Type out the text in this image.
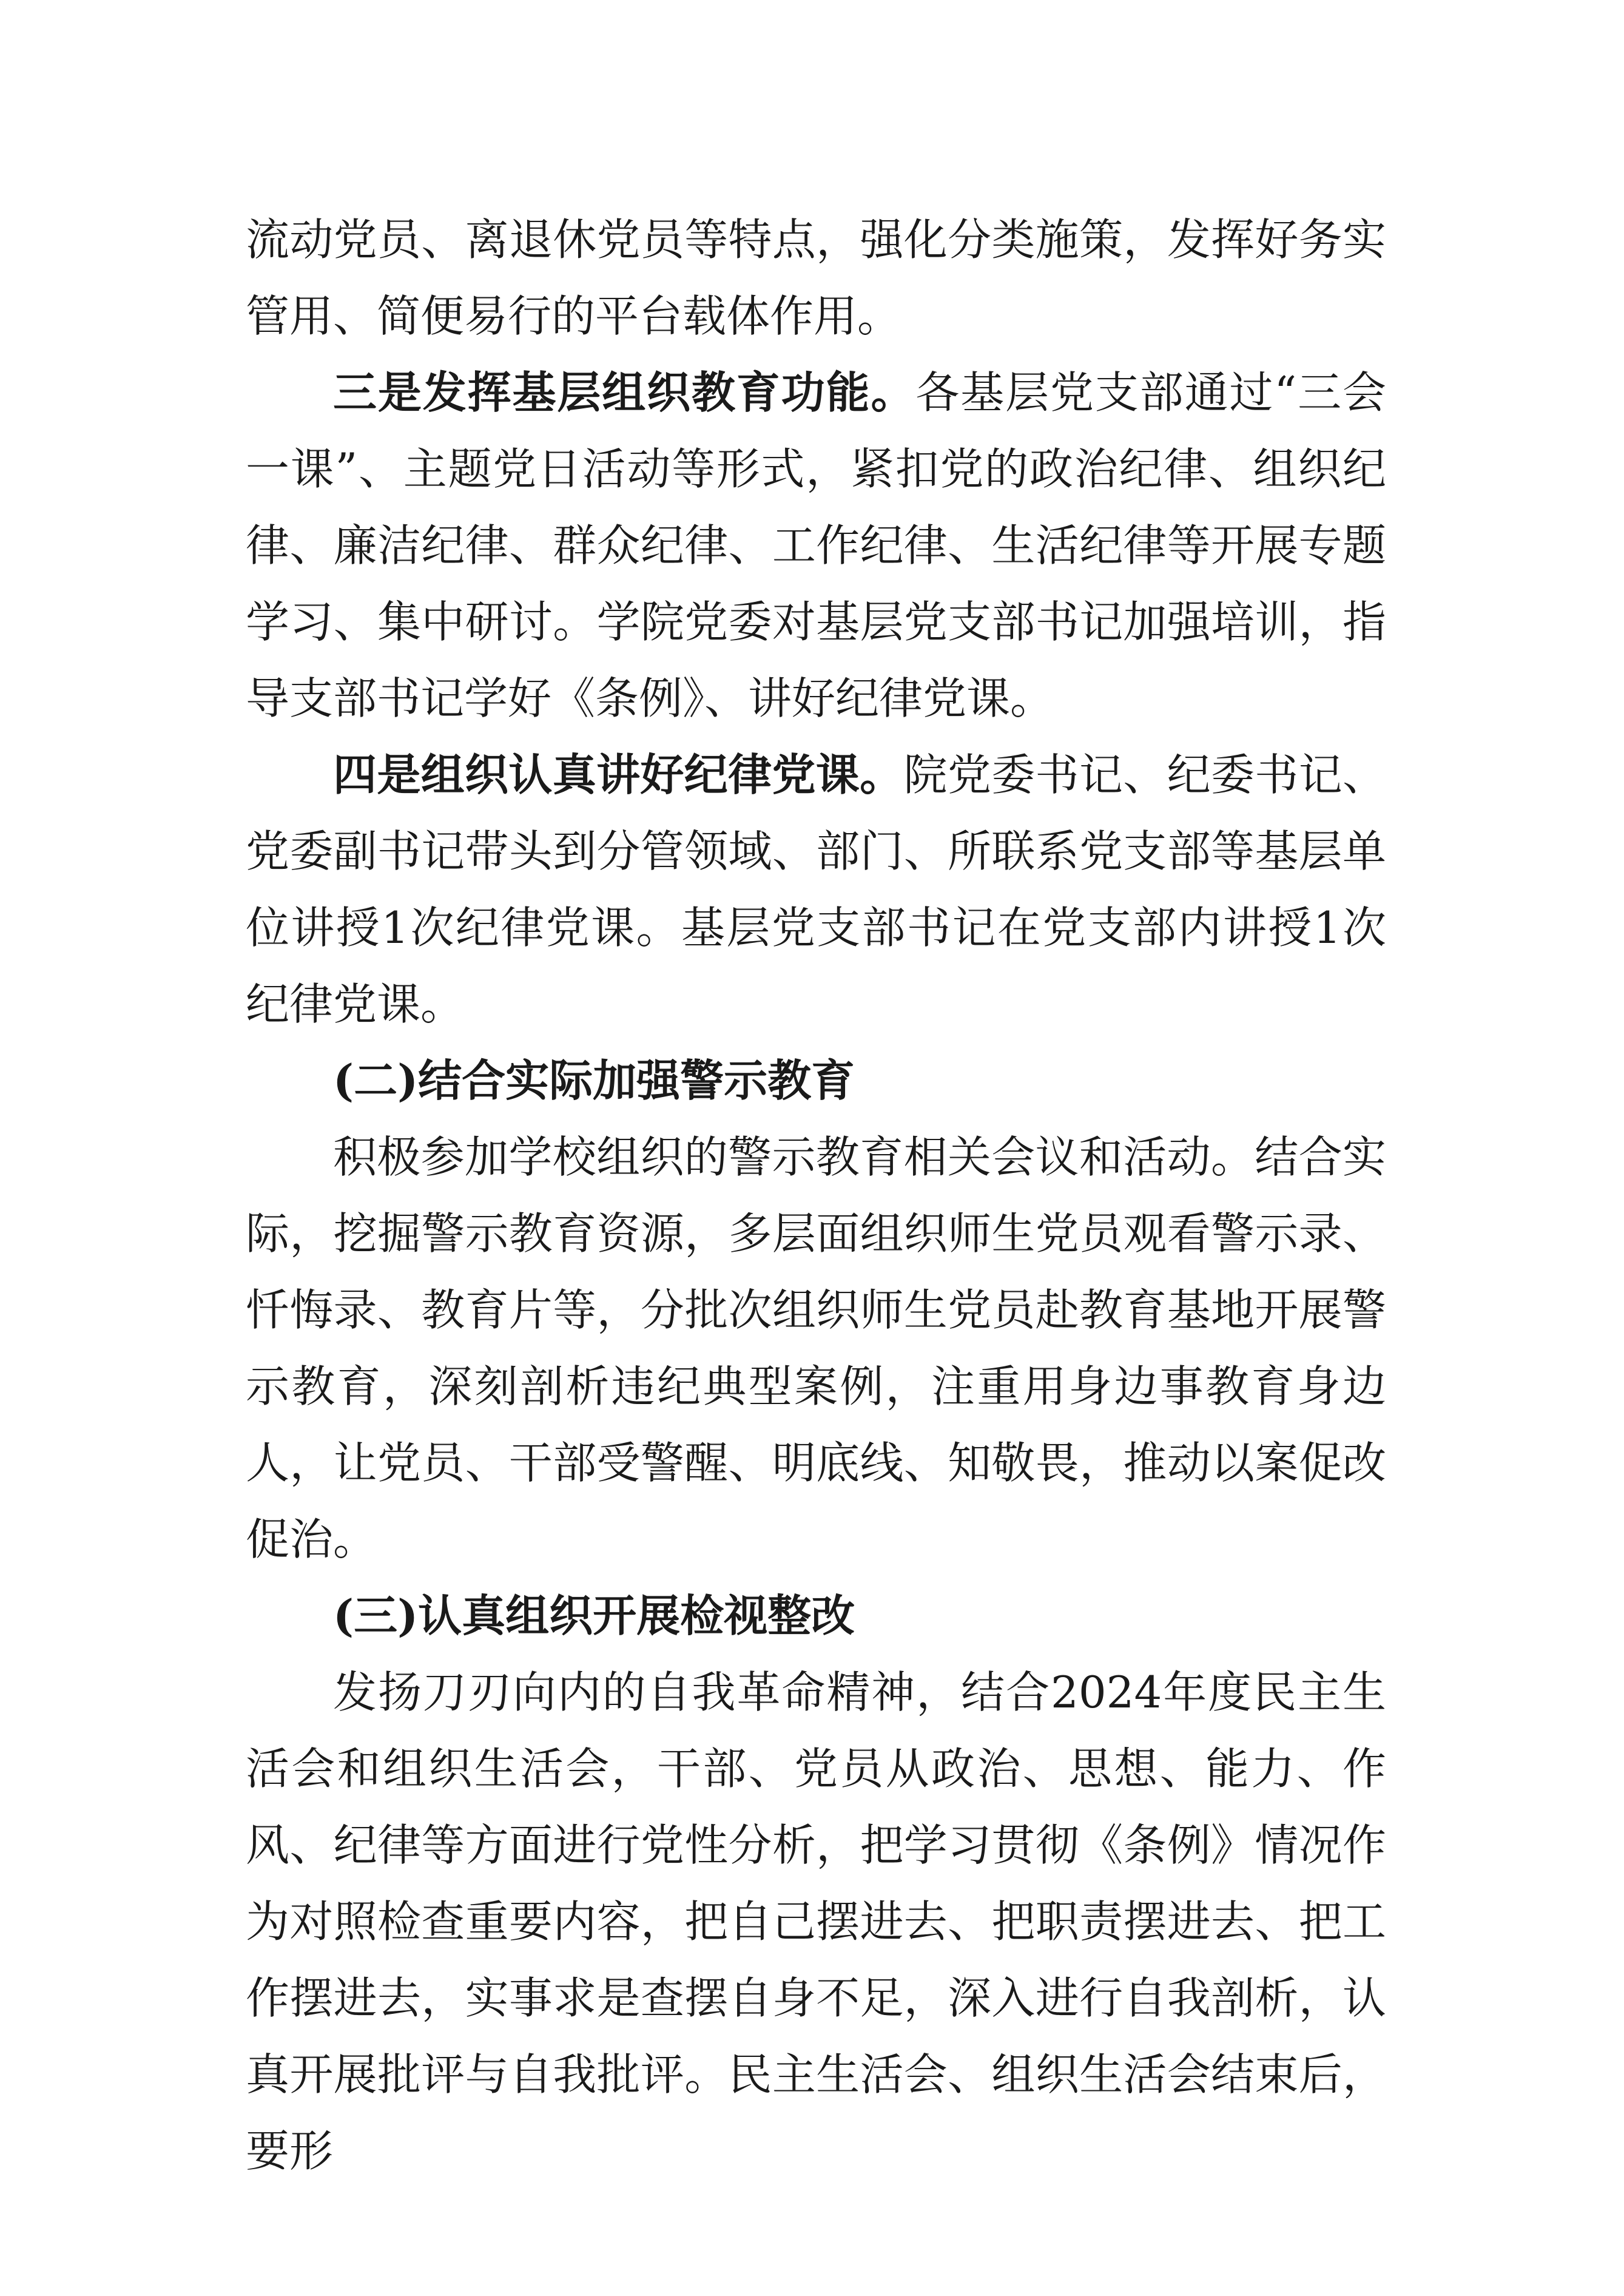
流动党员、离退休党员等特点，强化分类施策，发挥好务实管用、简便易行的平台载体作用。

三是发挥基层组织教育功能。各基层党支部通过“三会一课”、主题党日活动等形式，紧扣党的政治纪律、组织纪律、廉洁纪律、群众纪律、工作纪律、生活纪律等开展专题学习、集中研讨。学院党委对基层党支部书记加强培训，指导支部书记学好《条例》、讲好纪律党课。

四是组织认真讲好纪律党课。院党委书记、纪委书记、党委副书记带头到分管领域、部门、所联系党支部等基层单位讲授1次纪律党课。基层党支部书记在党支部内讲授1次纪律党课。

(二)结合实际加强警示教育

积极参加学校组织的警示教育相关会议和活动。结合实际，挖掘警示教育资源，多层面组织师生党员观看警示录、忏悔录、教育片等，分批次组织师生党员赴教育基地开展警示教育，深刻剖析违纪典型案例，注重用身边事教育身边人，让党员、干部受警醒、明底线、知敬畏，推动以案促改促治。

(三)认真组织开展检视整改

发扬刀刃向内的自我革命精神，结合2024年度民主生活会和组织生活会，干部、党员从政治、思想、能力、作风、纪律等方面进行党性分析，把学习贯彻《条例》情况作为对照检查重要内容，把自己摆进去、把职责摆进去、把工作摆进去，实事求是查摆自身不足，深入进行自我剖析，认真开展批评与自我批评。民主生活会、组织生活会结束后，要形
